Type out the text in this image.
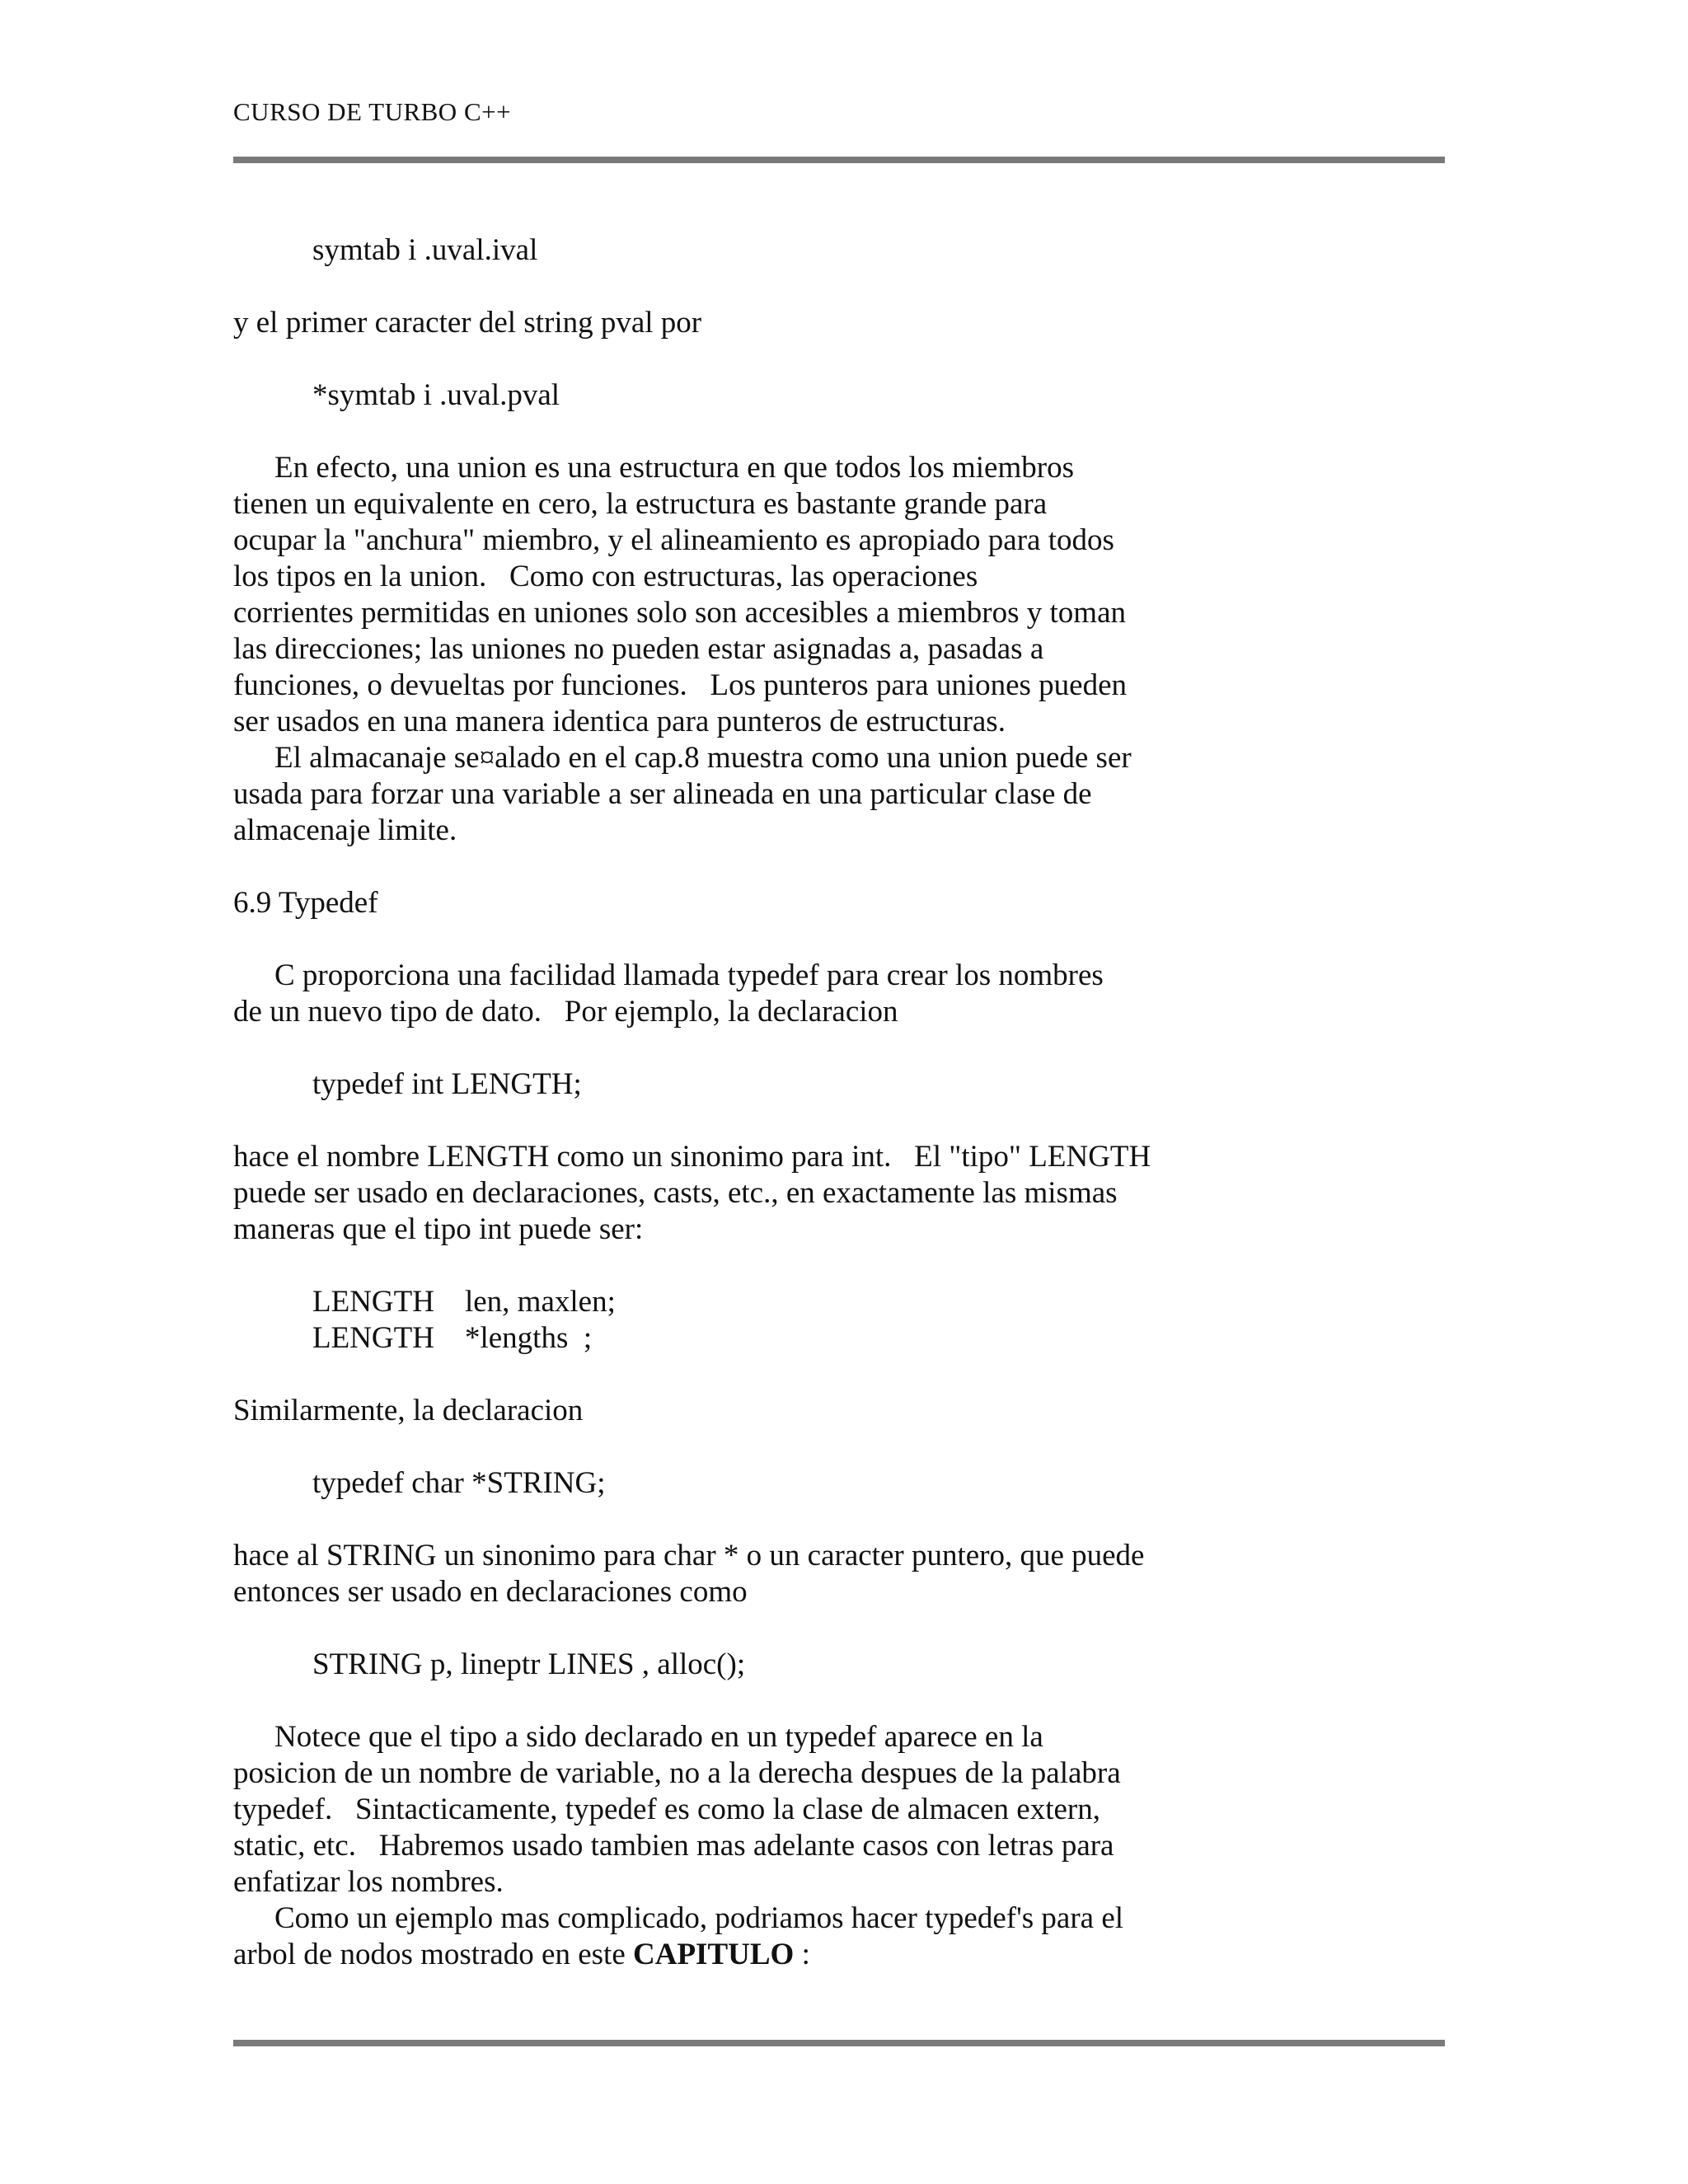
CURSO DE TURBO C++
symtab i .uval.ival
y el primer caracter del string pval por
*symtab i .uval.pval
En efecto, una union es una estructura en que todos los miembros
tienen un equivalente en cero, la estructura es bastante grande para
ocupar la "anchura" miembro, y el alineamiento es apropiado para todos
los tipos en la union.   Como con estructuras, las operaciones
corrientes permitidas en uniones solo son accesibles a miembros y toman
las direcciones; las uniones no pueden estar asignadas a, pasadas a
funciones, o devueltas por funciones.   Los punteros para uniones pueden
ser usados en una manera identica para punteros de estructuras.
El almacanaje se¤alado en el cap.8 muestra como una union puede ser
usada para forzar una variable a ser alineada en una particular clase de
almacenaje limite.
6.9 Typedef
C proporciona una facilidad llamada typedef para crear los nombres
de un nuevo tipo de dato.   Por ejemplo, la declaracion
typedef int LENGTH;
hace el nombre LENGTH como un sinonimo para int.   El "tipo" LENGTH
puede ser usado en declaraciones, casts, etc., en exactamente las mismas
maneras que el tipo int puede ser:
LENGTH    len, maxlen;
LENGTH    *lengths  ;
Similarmente, la declaracion
typedef char *STRING;
hace al STRING un sinonimo para char * o un caracter puntero, que puede
entonces ser usado en declaraciones como
STRING p, lineptr LINES , alloc();
Notece que el tipo a sido declarado en un typedef aparece en la
posicion de un nombre de variable, no a la derecha despues de la palabra
typedef.   Sintacticamente, typedef es como la clase de almacen extern,
static, etc.   Habremos usado tambien mas adelante casos con letras para
enfatizar los nombres.
Como un ejemplo mas complicado, podriamos hacer typedef's para el
arbol de nodos mostrado en este CAPITULO :
